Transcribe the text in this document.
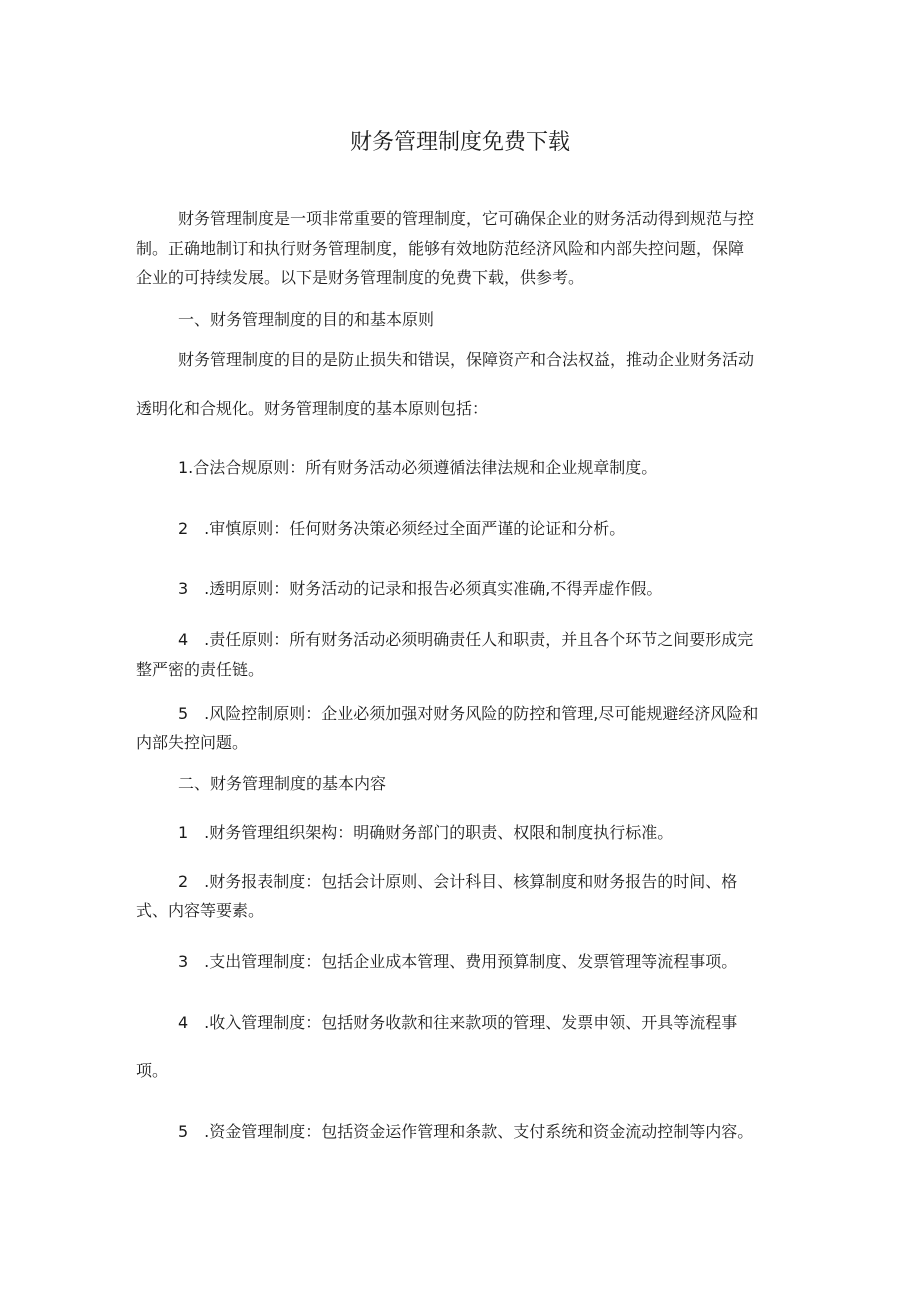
财务管理制度免费下载
财务管理制度是一项非常重要的管理制度，它可确保企业的财务活动得到规范与控
制。正确地制订和执行财务管理制度，能够有效地防范经济风险和内部失控问题，保障
企业的可持续发展。以下是财务管理制度的免费下载，供参考。
一、财务管理制度的目的和基本原则
财务管理制度的目的是防止损失和错误，保障资产和合法权益，推动企业财务活动
透明化和合规化。财务管理制度的基本原则包括：
1.合法合规原则：所有财务活动必须遵循法律法规和企业规章制度。
2　.审慎原则：任何财务决策必须经过全面严谨的论证和分析。
3　.透明原则：财务活动的记录和报告必须真实准确,不得弄虚作假。
4　.责任原则：所有财务活动必须明确责任人和职责，并且各个环节之间要形成完
整严密的责任链。
5　.风险控制原则：企业必须加强对财务风险的防控和管理,尽可能规避经济风险和
内部失控问题。
二、财务管理制度的基本内容
1　.财务管理组织架构：明确财务部门的职责、权限和制度执行标准。
2　.财务报表制度：包括会计原则、会计科目、核算制度和财务报告的时间、格
式、内容等要素。
3　.支出管理制度：包括企业成本管理、费用预算制度、发票管理等流程事项。
4　.收入管理制度：包括财务收款和往来款项的管理、发票申领、开具等流程事
项。
5　.资金管理制度：包括资金运作管理和条款、支付系统和资金流动控制等内容。
